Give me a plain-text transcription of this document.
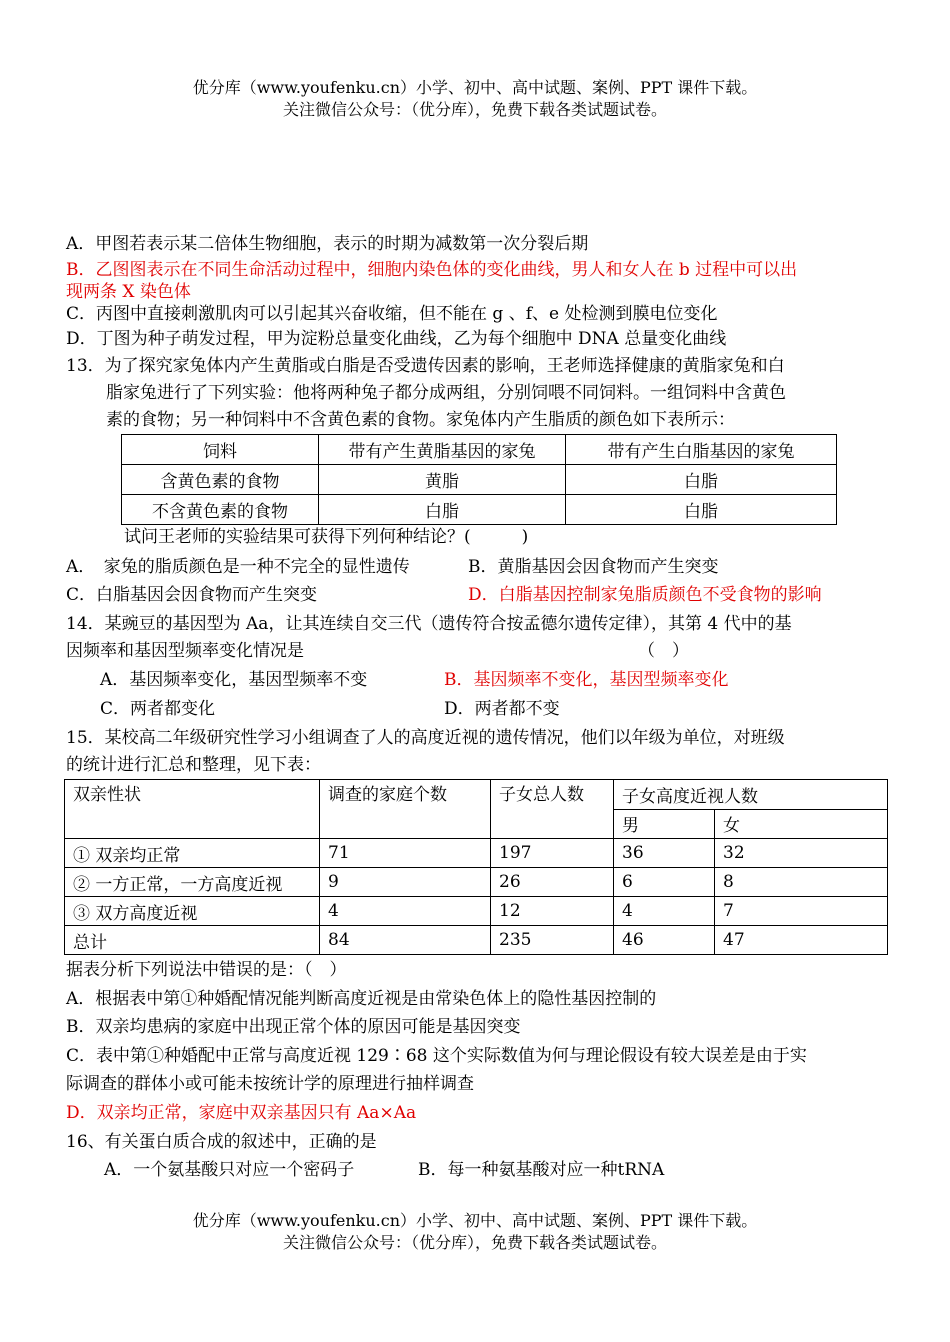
优分库（www.youfenku.cn）小学、初中、高中试题、案例、PPT 课件下载。
关注微信公众号：（优分库），免费下载各类试题试卷。
A．甲图若表示某二倍体生物细胞，表示的时期为减数第一次分裂后期
B．乙图图表示在不同生命活动过程中，细胞内染色体的变化曲线，男人和女人在 b 过程中可以出
现两条 X 染色体
C．丙图中直接刺激肌肉可以引起其兴奋收缩，但不能在 g 、f、e 处检测到膜电位变化
D．丁图为种子萌发过程，甲为淀粉总量变化曲线，乙为每个细胞中 DNA 总量变化曲线
13．为了探究家兔体内产生黄脂或白脂是否受遗传因素的影响，王老师选择健康的黄脂家兔和白
脂家兔进行了下列实验：他将两种兔子都分成两组，分别饲喂不同饲料。一组饲料中含黄色
素的食物；另一种饲料中不含黄色素的食物。家兔体内产生脂质的颜色如下表所示：
饲料	带有产生黄脂基因的家兔	带有产生白脂基因的家兔
含黄色素的食物	黄脂	白脂
不含黄色素的食物	白脂	白脂
试问王老师的实验结果可获得下列何种结论？(　　　)
A．　家兔的脂质颜色是一种不完全的显性遗传	B．黄脂基因会因食物而产生突变
C．白脂基因会因食物而产生突变	D．白脂基因控制家兔脂质颜色不受食物的影响
14．某豌豆的基因型为 Aa，让其连续自交三代（遗传符合按孟德尔遗传定律），其第 4 代中的基
因频率和基因型频率变化情况是	（　）
A．基因频率变化，基因型频率不变	B．基因频率不变化，基因型频率变化
C．两者都变化	D．两者都不变
15．某校高二年级研究性学习小组调查了人的高度近视的遗传情况，他们以年级为单位，对班级
的统计进行汇总和整理，见下表：
双亲性状	调查的家庭个数	子女总人数	子女高度近视人数	
			男	女
① 双亲均正常	71	197	36	32
② 一方正常，一方高度近视	9	26	6	8
③ 双方高度近视	4	12	4	7
总计	84	235	46	47
据表分析下列说法中错误的是：（　）
A．根据表中第①种婚配情况能判断高度近视是由常染色体上的隐性基因控制的
B．双亲均患病的家庭中出现正常个体的原因可能是基因突变
C．表中第①种婚配中正常与高度近视 129∶68 这个实际数值为何与理论假设有较大误差是由于实
际调查的群体小或可能未按统计学的原理进行抽样调查
D．双亲均正常，家庭中双亲基因只有 Aa×Aa
16、有关蛋白质合成的叙述中，正确的是
A．一个氨基酸只对应一个密码子	B．每一种氨基酸对应一种tRNA
优分库（www.youfenku.cn）小学、初中、高中试题、案例、PPT 课件下载。
关注微信公众号：（优分库），免费下载各类试题试卷。
